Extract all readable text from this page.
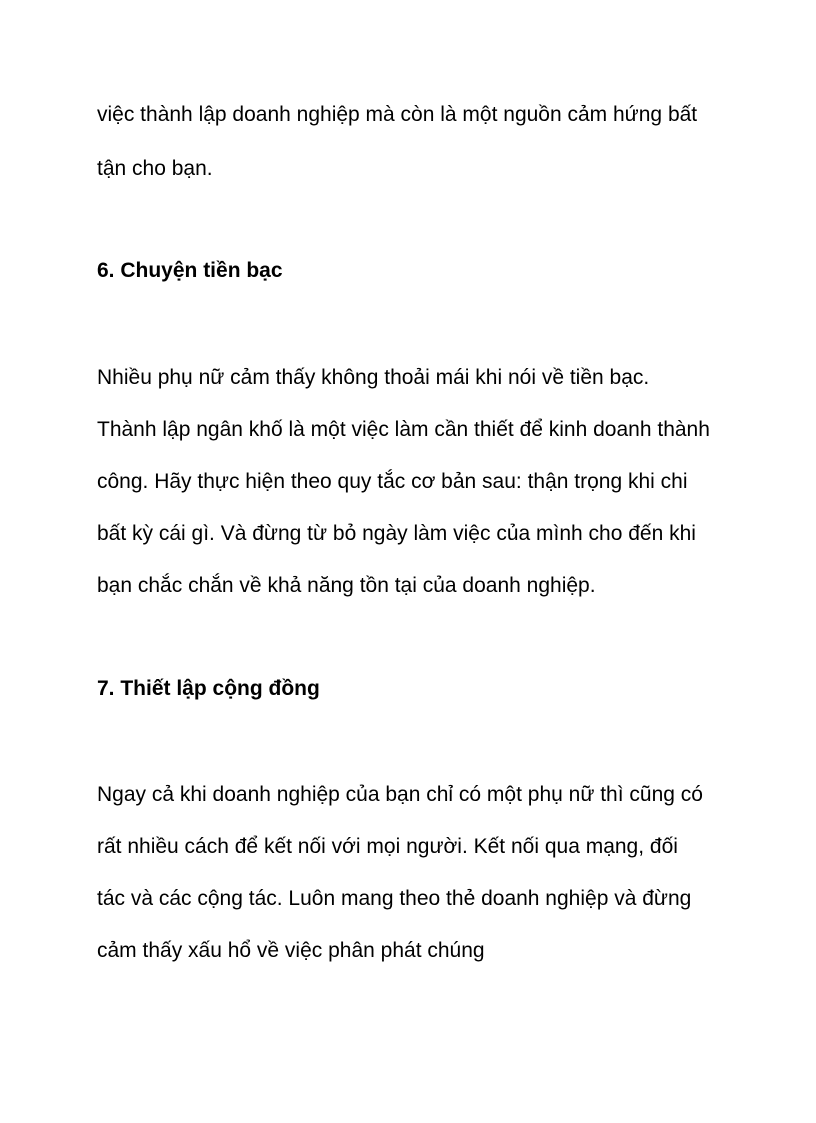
việc thành lập doanh nghiệp mà còn là một nguồn cảm hứng bất

tận cho bạn.

6. Chuyện tiền bạc

Nhiều phụ nữ cảm thấy không thoải mái khi nói về tiền bạc.

Thành lập ngân khố là một việc làm cần thiết để kinh doanh thành

công. Hãy thực hiện theo quy tắc cơ bản sau: thận trọng khi chi

bất kỳ cái gì. Và đừng từ bỏ ngày làm việc của mình cho đến khi

bạn chắc chắn về khả năng tồn tại của doanh nghiệp.

7. Thiết lập cộng đồng

Ngay cả khi doanh nghiệp của bạn chỉ có một phụ nữ thì cũng có

rất nhiều cách để kết nối với mọi người. Kết nối qua mạng, đối

tác và các cộng tác. Luôn mang theo thẻ doanh nghiệp và đừng

cảm thấy xấu hổ về việc phân phát chúng
